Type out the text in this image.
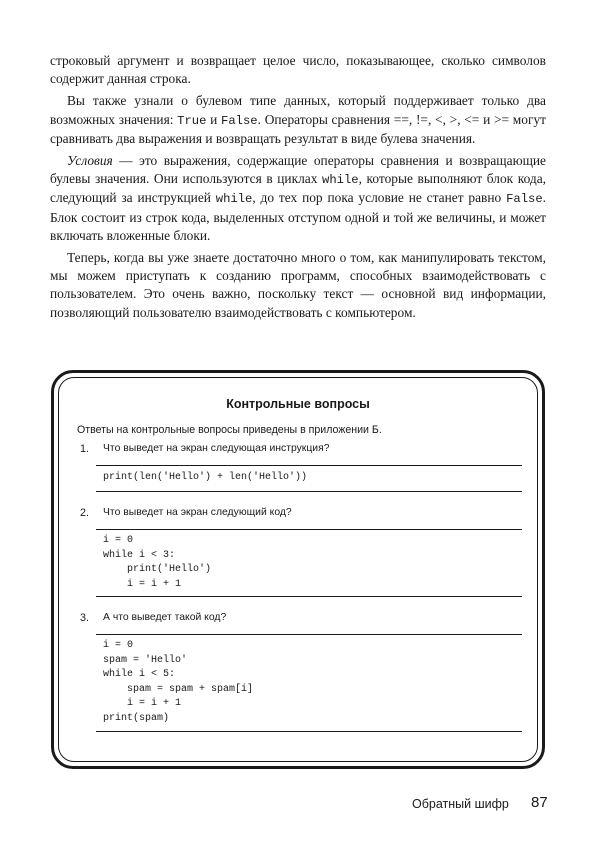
строковый аргумент и возвращает целое число, показывающее, сколько символов содержит данная строка.

Вы также узнали о булевом типе данных, который поддерживает только два возможных значения: True и False. Операторы сравнения ==, !=, <, >, <= и >= могут сравнивать два выражения и возвращать результат в виде булева значения.

Условия — это выражения, содержащие операторы сравнения и возвращающие булевы значения. Они используются в циклах while, которые выполняют блок кода, следующий за инструкцией while, до тех пор пока условие не станет равно False. Блок состоит из строк кода, выделенных отступом одной и той же величины, и может включать вложенные блоки.

Теперь, когда вы уже знаете достаточно много о том, как манипулировать текстом, мы можем приступать к созданию программ, способных взаимодействовать с пользователем. Это очень важно, поскольку текст — основной вид информации, позволяющий пользователю взаимодействовать с компьютером.

Контрольные вопросы
Ответы на контрольные вопросы приведены в приложении Б.
1. Что выведет на экран следующая инструкция?
print(len('Hello') + len('Hello'))
2. Что выведет на экран следующий код?
i = 0
while i < 3:
print('Hello')
i = i + 1
3. А что выведет такой код?
i = 0
spam = 'Hello'
while i < 5:
spam = spam + spam[i]
i = i + 1
print(spam)
Обратный шифр 87
